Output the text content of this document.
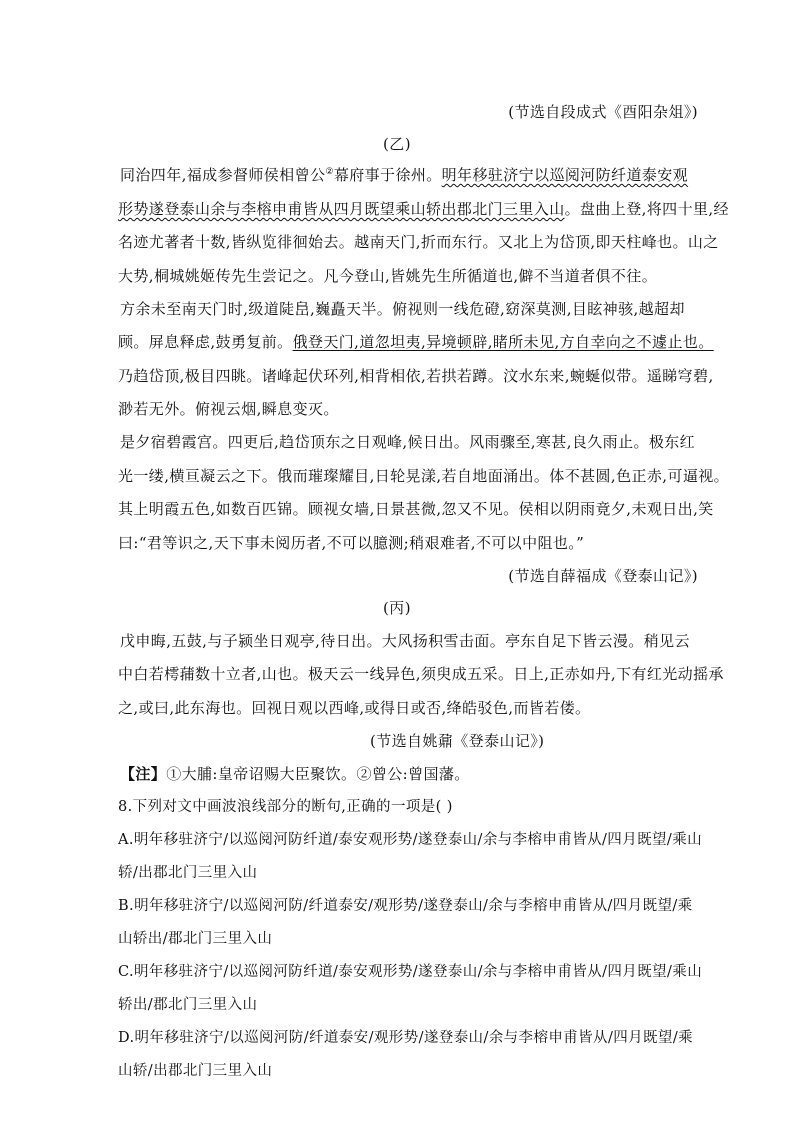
(节选自段成式《酉阳杂俎》)
(乙)
同治四年,福成参督师侯相曾公②幕府事于徐州。明年移驻济宁以巡阅河防纤道泰安观
形势遂登泰山余与李榕申甫皆从四月既望乘山轿出郡北门三里入山。盘曲上登,将四十里,经
名迹尤著者十数,皆纵览徘徊始去。越南天门,折而东行。又北上为岱顶,即天柱峰也。山之
大势,桐城姚姬传先生尝记之。凡今登山,皆姚先生所循道也,僻不当道者俱不往。
方余未至南天门时,级道陡峊,巍矗天半。俯视则一线危磴,窈深莫测,目眩神骇,越超却
顾。屏息释虑,鼓勇复前。俄登天门,道忽坦夷,异境顿辟,睹所未见,方自幸向之不遽止也。
乃趋岱顶,极目四眺。诸峰起伏环列,相背相依,若拱若蹲。汶水东来,蜿蜒似带。遥睇穹碧,
渺若无外。俯视云烟,瞬息变灭。
是夕宿碧霞宫。四更后,趋岱顶东之日观峰,候日出。风雨骤至,寒甚,良久雨止。极东红
光一缕,横亘凝云之下。俄而璀璨耀目,日轮晃漾,若自地面涌出。体不甚圆,色正赤,可逼视。
其上明霞五色,如数百匹锦。顾视女墙,日景甚微,忽又不见。侯相以阴雨竟夕,未观日出,笑
曰:“君等识之,天下事未阅历者,不可以臆测;稍艰难者,不可以中阻也。”
(节选自薛福成《登泰山记》)
(丙)
戊申晦,五鼓,与子颍坐日观亭,待日出。大风扬积雪击面。亭东自足下皆云漫。稍见云
中白若樗蒱数十立者,山也。极天云一线异色,须臾成五采。日上,正赤如丹,下有红光动摇承
之,或曰,此东海也。回视日观以西峰,或得日或否,绛皓驳色,而皆若偻。
(节选自姚鼐《登泰山记》)
【注】①大脯:皇帝诏赐大臣聚饮。②曾公:曾国藩。
8.下列对文中画波浪线部分的断句,正确的一项是( )
A.明年移驻济宁/以巡阅河防纤道/泰安观形势/遂登泰山/余与李榕申甫皆从/四月既望/乘山
轿/出郡北门三里入山
B.明年移驻济宁/以巡阅河防/纤道泰安/观形势/遂登泰山/余与李榕申甫皆从/四月既望/乘
山轿出/郡北门三里入山
C.明年移驻济宁/以巡阅河防纤道/泰安观形势/遂登泰山/余与李榕申甫皆从/四月既望/乘山
轿出/郡北门三里入山
D.明年移驻济宁/以巡阅河防/纤道泰安/观形势/遂登泰山/余与李榕申甫皆从/四月既望/乘
山轿/出郡北门三里入山
